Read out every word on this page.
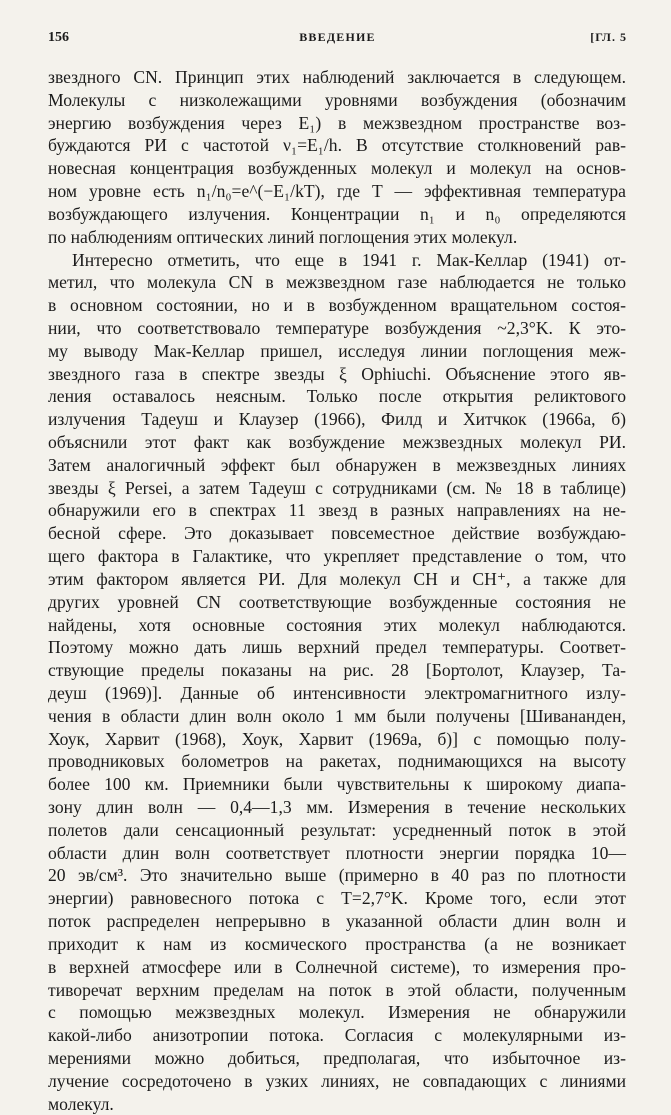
156	ВВЕДЕНИЕ	[ГЛ. 5
звездного CN. Принцип этих наблюдений заключается в следующем.
Молекулы с низколежащими уровнями возбуждения (обозначим
энергию возбуждения через E₁) в межзвездном пространстве воз-
буждаются РИ с частотой ν₁=E₁/h. В отсутствие столкновений рав-
новесная концентрация возбужденных молекул и молекул на основ-
ном уровне есть n₁/n₀=e^(−E₁/kT), где T — эффективная температура
возбуждающего излучения. Концентрации n₁ и n₀ определяются
по наблюдениям оптических линий поглощения этих молекул.
Интересно отметить, что еще в 1941 г. Мак-Келлар (1941) от-
метил, что молекула CN в межзвездном газе наблюдается не только
в основном состоянии, но и в возбужденном вращательном состоя-
нии, что соответствовало температуре возбуждения ~2,3°K. К это-
му выводу Мак-Келлар пришел, исследуя линии поглощения меж-
звездного газа в спектре звезды ξ Ophiuchi. Объяснение этого яв-
ления оставалось неясным. Только после открытия реликтового
излучения Тадеуш и Клаузер (1966), Филд и Хитчкок (1966а, б)
объяснили этот факт как возбуждение межзвездных молекул РИ.
Затем аналогичный эффект был обнаружен в межзвездных линиях
звезды ξ Persei, а затем Тадеуш с сотрудниками (см. № 18 в таблице)
обнаружили его в спектрах 11 звезд в разных направлениях на не-
бесной сфере. Это доказывает повсеместное действие возбуждаю-
щего фактора в Галактике, что укрепляет представление о том, что
этим фактором является РИ. Для молекул CH и CH⁺, а также для
других уровней CN соответствующие возбужденные состояния не
найдены, хотя основные состояния этих молекул наблюдаются.
Поэтому можно дать лишь верхний предел температуры. Соответ-
ствующие пределы показаны на рис. 28 [Бортолот, Клаузер, Та-
деуш (1969)]. Данные об интенсивности электромагнитного излу-
чения в области длин волн около 1 мм были получены [Шивананден,
Хоук, Харвит (1968), Хоук, Харвит (1969а, б)] с помощью полу-
проводниковых болометров на ракетах, поднимающихся на высоту
более 100 км. Приемники были чувствительны к широкому диапа-
зону длин волн — 0,4—1,3 мм. Измерения в течение нескольких
полетов дали сенсационный результат: усредненный поток в этой
области длин волн соответствует плотности энергии порядка 10—
20 эв/см³. Это значительно выше (примерно в 40 раз по плотности
энергии) равновесного потока с T=2,7°K. Кроме того, если этот
поток распределен непрерывно в указанной области длин волн и
приходит к нам из космического пространства (а не возникает
в верхней атмосфере или в Солнечной системе), то измерения про-
тиворечат верхним пределам на поток в этой области, полученным
с помощью межзвездных молекул. Измерения не обнаружили
какой-либо анизотропии потока. Согласия с молекулярными из-
мерениями можно добиться, предполагая, что избыточное из-
лучение сосредоточено в узких линиях, не совпадающих с линиями
молекул.
